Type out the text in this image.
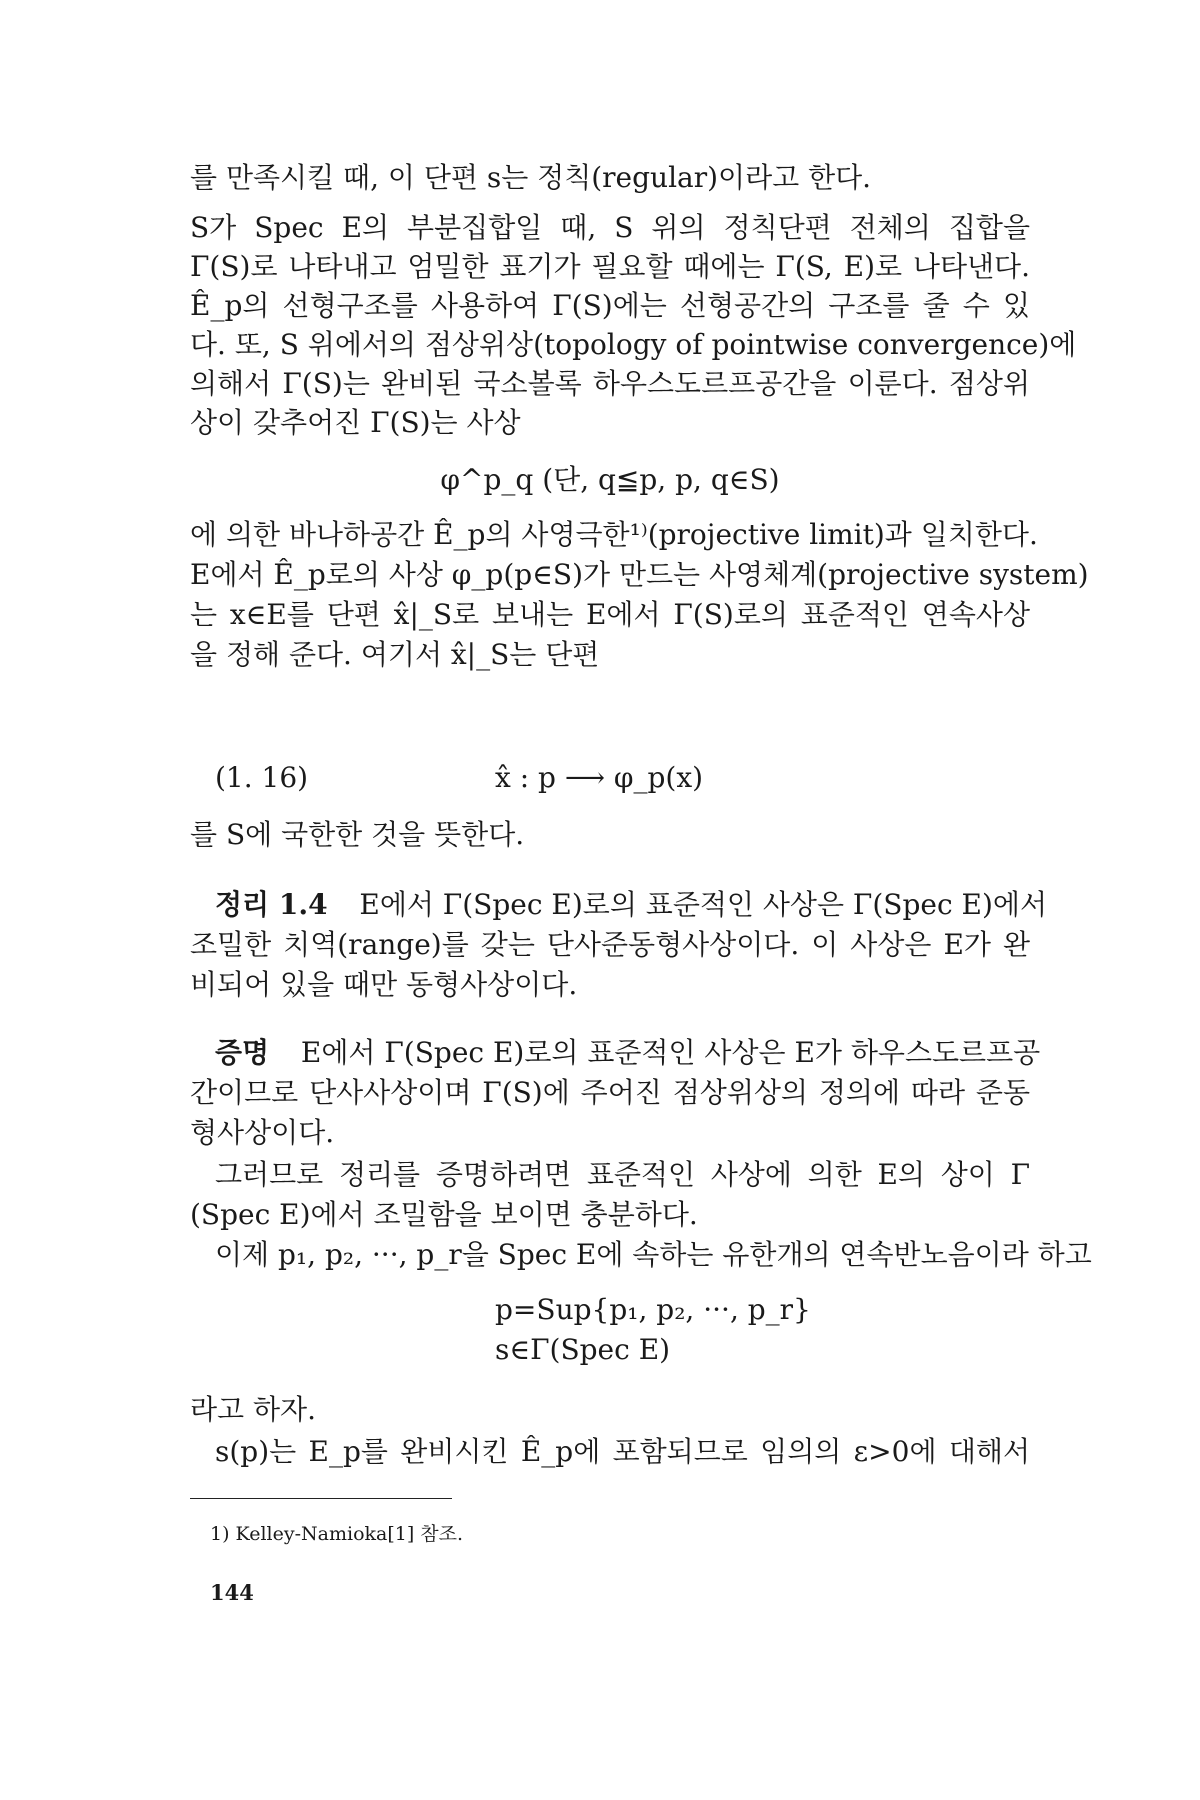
를 만족시킬 때, 이 단편 s는 정칙(regular)이라고 한다.
S가 Spec E의 부분집합일 때, S 위의 정칙단편 전체의 집합을
Γ(S)로 나타내고 엄밀한 표기가 필요할 때에는 Γ(S, E)로 나타낸다.
Ê_p의 선형구조를 사용하여 Γ(S)에는 선형공간의 구조를 줄 수 있
다. 또, S 위에서의 점상위상(topology of pointwise convergence)에
의해서 Γ(S)는 완비된 국소볼록 하우스도르프공간을 이룬다. 점상위
상이 갖추어진 Γ(S)는 사상
φ^p_q (단, q≦p, p, q∈S)
에 의한 바나하공간 Ê_p의 사영극한¹⁾(projective limit)과 일치한다.
E에서 Ê_p로의 사상 φ_p(p∈S)가 만드는 사영체계(projective system)
는 x∈E를 단편 x̂|_S로 보내는 E에서 Γ(S)로의 표준적인 연속사상
을 정해 준다. 여기서 x̂|_S는 단편
(1. 16)	x̂ : p ⟶ φ_p(x)
를 S에 국한한 것을 뜻한다.
정리 1.4 E에서 Γ(Spec E)로의 표준적인 사상은 Γ(Spec E)에서
조밀한 치역(range)를 갖는 단사준동형사상이다. 이 사상은 E가 완
비되어 있을 때만 동형사상이다.
증명 E에서 Γ(Spec E)로의 표준적인 사상은 E가 하우스도르프공
간이므로 단사사상이며 Γ(S)에 주어진 점상위상의 정의에 따라 준동
형사상이다.
그러므로 정리를 증명하려면 표준적인 사상에 의한 E의 상이 Γ
(Spec E)에서 조밀함을 보이면 충분하다.
이제 p₁, p₂, ···, p_r을 Spec E에 속하는 유한개의 연속반노음이라 하고
p=Sup{p₁, p₂, ···, p_r}
s∈Γ(Spec E)
라고 하자.
s(p)는 E_p를 완비시킨 Ê_p에 포함되므로 임의의 ε>0에 대해서
1) Kelley-Namioka[1] 참조.
144
